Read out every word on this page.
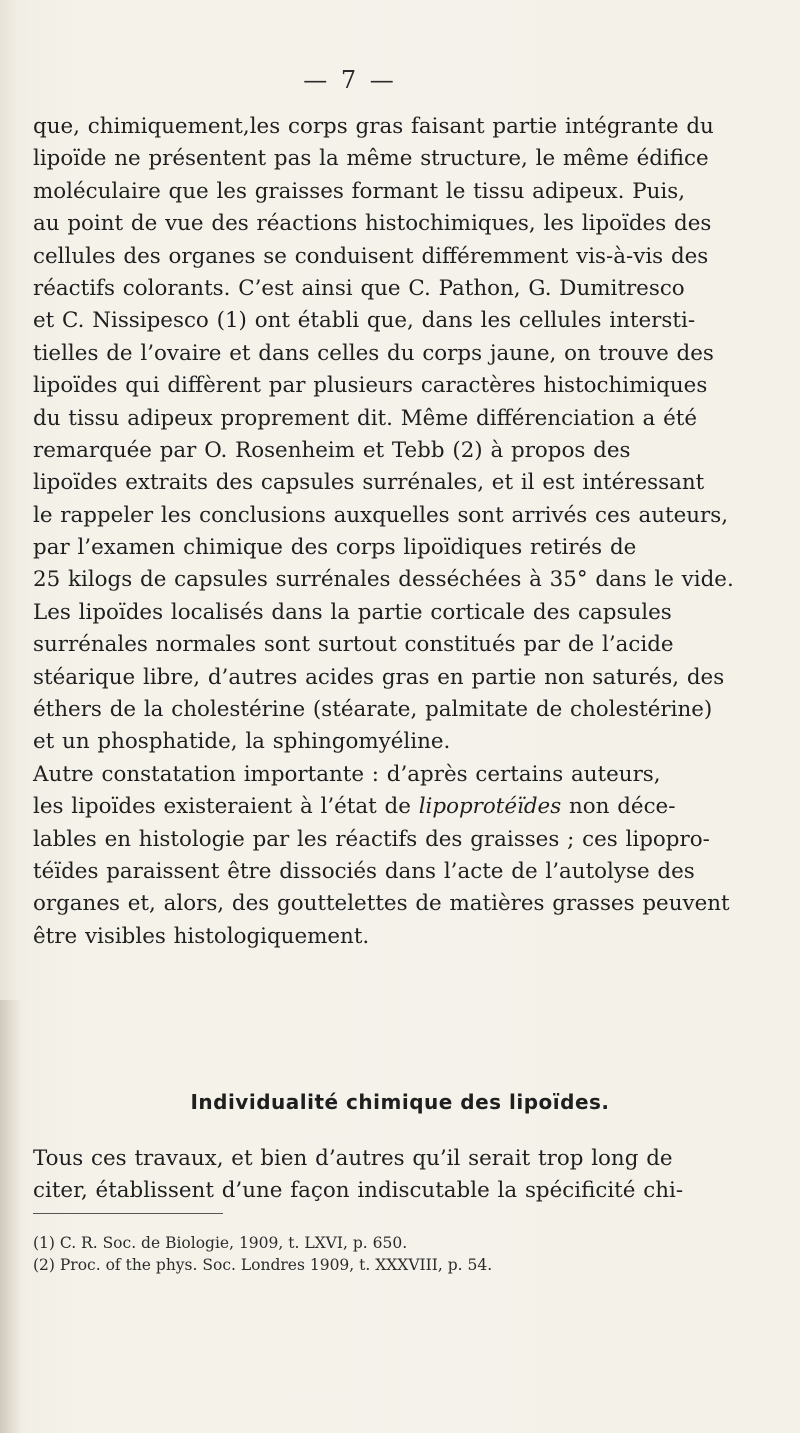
— 7 —
que, chimiquement,les corps gras faisant partie intégrante du
lipoïde ne présentent pas la même structure, le même édifice
moléculaire que les graisses formant le tissu adipeux. Puis,
au point de vue des réactions histochimiques, les lipoïdes des
cellules des organes se conduisent différemment vis-à-vis des
réactifs colorants. C’est ainsi que C. Pathon, G. Dumitresco
et C. Nissipesco (1) ont établi que, dans les cellules intersti-
tielles de l’ovaire et dans celles du corps jaune, on trouve des
lipoïdes qui diffèrent par plusieurs caractères histochimiques
du tissu adipeux proprement dit. Même différenciation a été
remarquée par O. Rosenheim et Tebb (2) à propos des
lipoïdes extraits des capsules surrénales, et il est intéressant
le rappeler les conclusions auxquelles sont arrivés ces auteurs,
par l’examen chimique des corps lipoïdiques retirés de
25 kilogs de capsules surrénales desséchées à 35° dans le vide.
Les lipoïdes localisés dans la partie corticale des capsules
surrénales normales sont surtout constitués par de l’acide
stéarique libre, d’autres acides gras en partie non saturés, des
éthers de la cholestérine (stéarate, palmitate de cholestérine)
et un phosphatide, la sphingomyéline.
Autre constatation importante : d’après certains auteurs,
les lipoïdes existeraient à l’état de lipoprotéïdes non déce-
lables en histologie par les réactifs des graisses ; ces lipopro-
téïdes paraissent être dissociés dans l’acte de l’autolyse des
organes et, alors, des gouttelettes de matières grasses peuvent
être visibles histologiquement.
Individualité chimique des lipoïdes.
Tous ces travaux, et bien d’autres qu’il serait trop long de
citer, établissent d’une façon indiscutable la spécificité chi-
(1) C. R. Soc. de Biologie, 1909, t. LXVI, p. 650.
(2) Proc. of the phys. Soc. Londres 1909, t. XXXVIII, p. 54.
